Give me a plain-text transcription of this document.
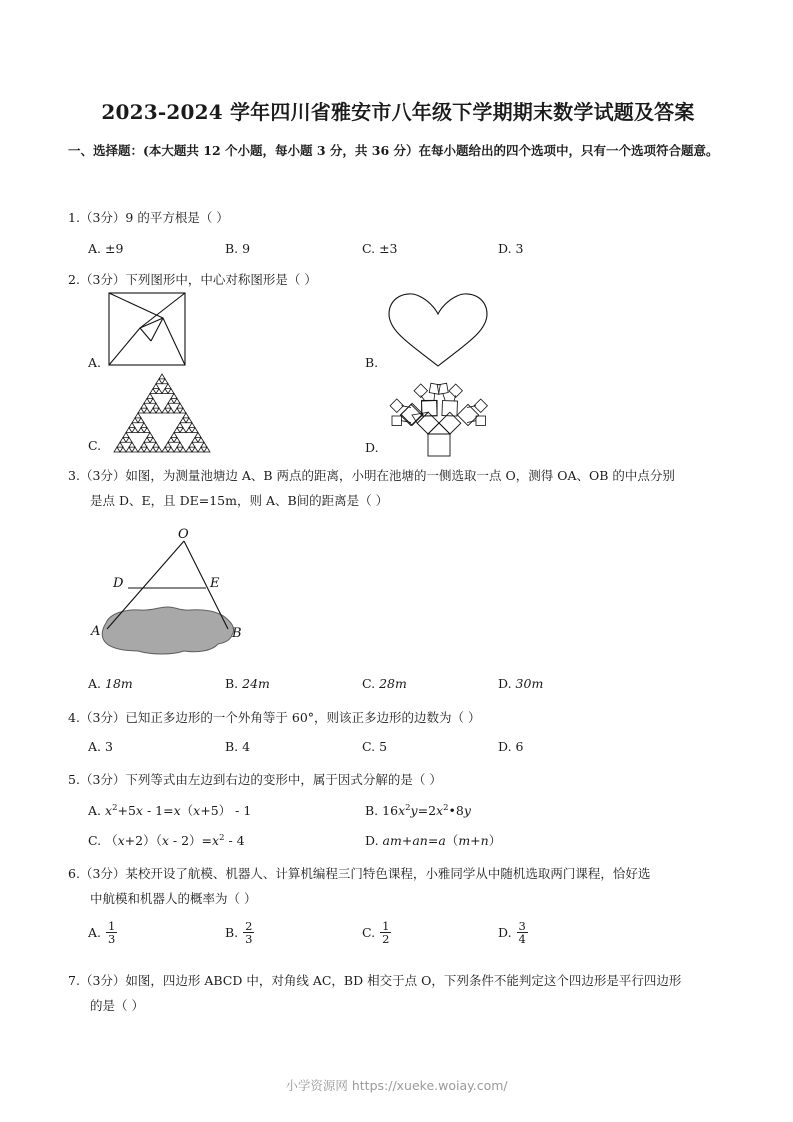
2023-2024 学年四川省雅安市八年级下学期期末数学试题及答案
一、选择题：(本大题共 12 个小题，每小题 3 分，共 36 分）在每小题给出的四个选项中，只有一个选项符合题意。
1.（3分）9 的平方根是（ ）
A. ±9	B. 9	C. ±3	D. 3
2.（3分）下列图形中，中心对称图形是（ ）
A.	B.
C.	D.
3.（3分）如图，为测量池塘边 A、B 两点的距离，小明在池塘的一侧选取一点 O，测得 OA、OB 的中点分别
是点 D、E，且 DE=15m，则 A、B间的距离是（ ）
O
D	E
A	B
A. 18m	B. 24m	C. 28m	D. 30m
4.（3分）已知正多边形的一个外角等于 60°，则该正多边形的边数为（ ）
A. 3	B. 4	C. 5	D. 6
5.（3分）下列等式由左边到右边的变形中，属于因式分解的是（ ）
A. $x^2+5x - 1=x(x+5) - 1$	B. $16x^2y=2x^2•8y$
C. $(x+2)(x - 2)=x^2 - 4$	D. am+an=a（m+n）
6.（3分）某校开设了航模、机器人、计算机编程三门特色课程，小雅同学从中随机选取两门课程，恰好选
中航模和机器人的概率为（ ）
A. $\frac{1}{3}$	B. $\frac{2}{3}$	C. $\frac{1}{2}$	D. $\frac{3}{4}$
7.（3分）如图，四边形 ABCD 中，对角线 AC，BD 相交于点 O，下列条件不能判定这个四边形是平行四边形
的是（ ）
小学资源网 https://xueke.woiay.com/
